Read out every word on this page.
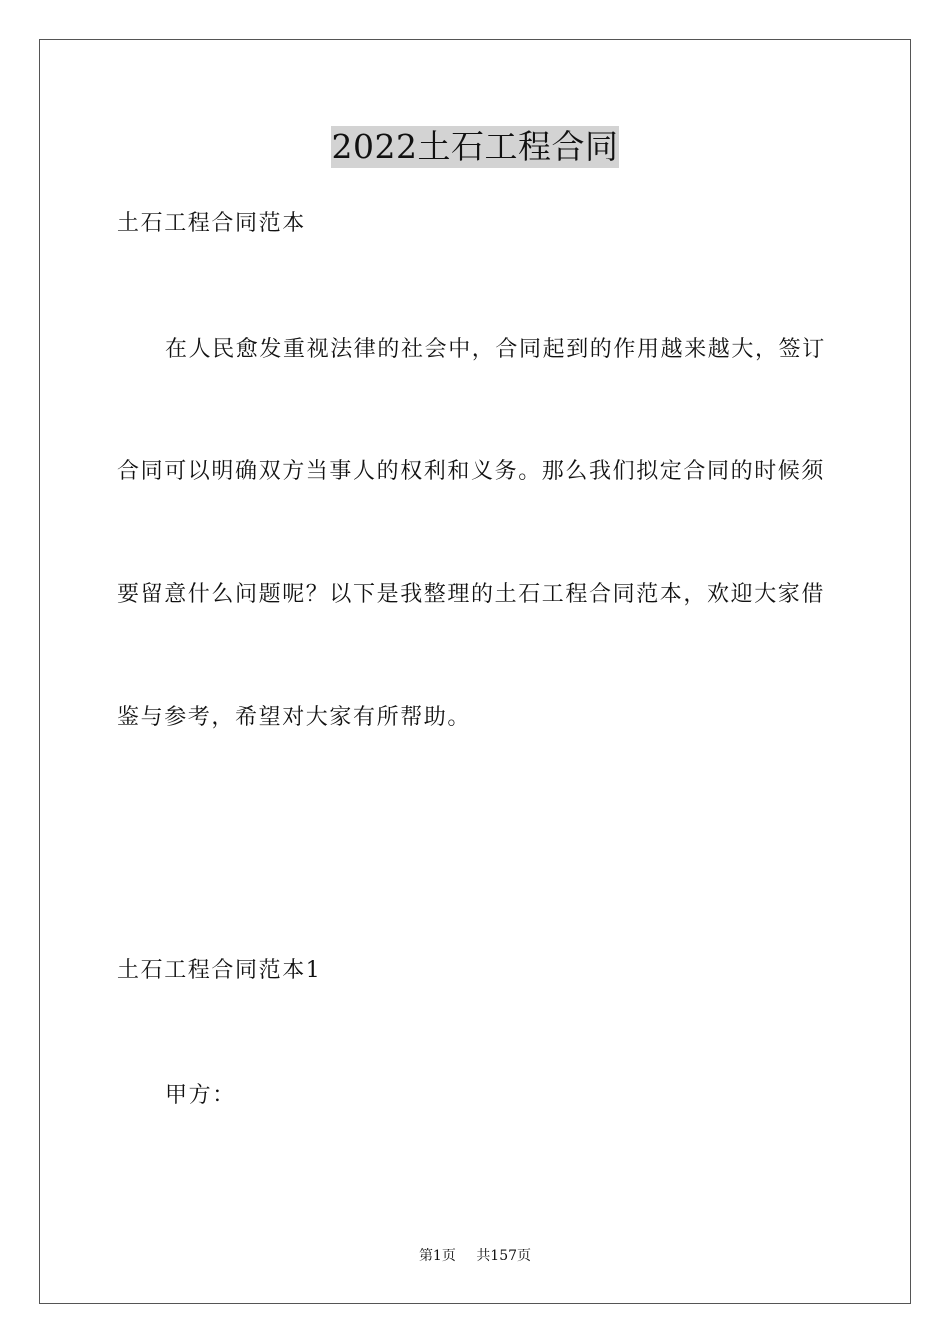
2022土石工程合同
土石工程合同范本
在人民愈发重视法律的社会中，合同起到的作用越来越大，签订
合同可以明确双方当事人的权利和义务。那么我们拟定合同的时候须
要留意什么问题呢？以下是我整理的土石工程合同范本，欢迎大家借
鉴与参考，希望对大家有所帮助。
土石工程合同范本1
甲方：
第1页 共157页
